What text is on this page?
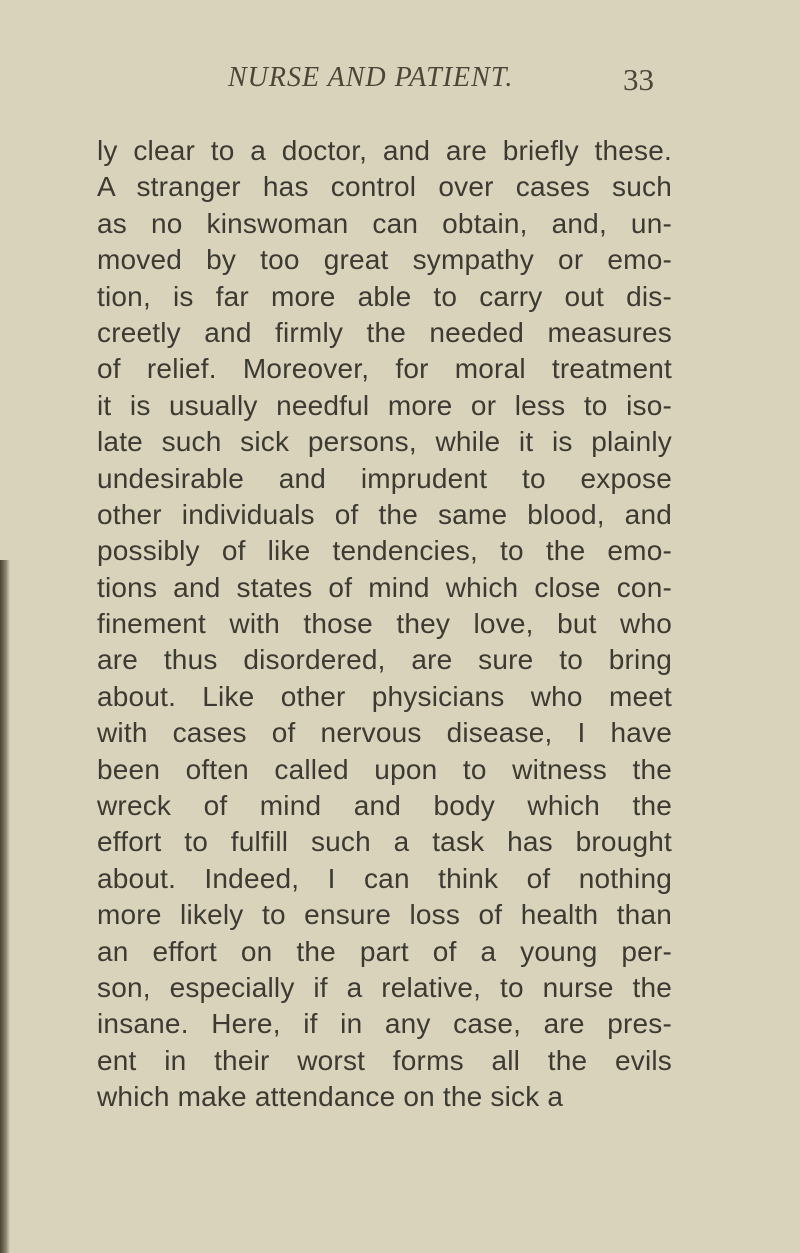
NURSE AND PATIENT.	33
ly clear to a doctor, and are briefly these.
A stranger has control over cases such
as no kinswoman can obtain, and, un-
moved by too great sympathy or emo-
tion, is far more able to carry out dis-
creetly and firmly the needed measures
of relief. Moreover, for moral treatment
it is usually needful more or less to iso-
late such sick persons, while it is plainly
undesirable and imprudent to expose
other individuals of the same blood, and
possibly of like tendencies, to the emo-
tions and states of mind which close con-
finement with those they love, but who
are thus disordered, are sure to bring
about. Like other physicians who meet
with cases of nervous disease, I have
been often called upon to witness the
wreck of mind and body which the
effort to fulfill such a task has brought
about. Indeed, I can think of nothing
more likely to ensure loss of health than
an effort on the part of a young per-
son, especially if a relative, to nurse the
insane. Here, if in any case, are pres-
ent in their worst forms all the evils
which make attendance on the sick a
